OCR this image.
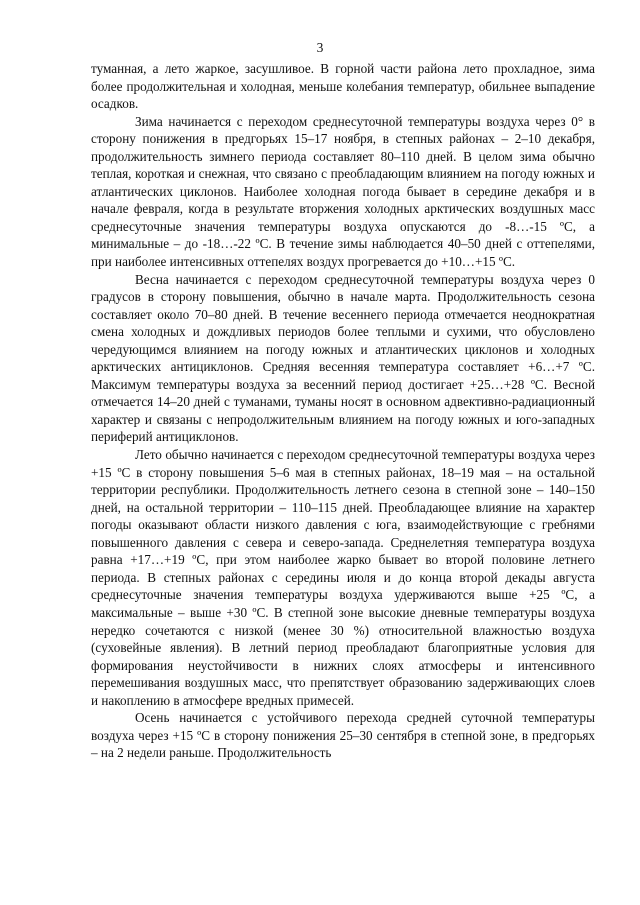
3

туманная, а лето жаркое, засушливое. В горной части района лето прохладное, зима более продолжительная и холодная, меньше колебания температур, обильнее выпадение осадков.

Зима начинается с переходом среднесуточной температуры воздуха через 0° в сторону понижения в предгорьях 15–17 ноября, в степных районах – 2–10 декабря, продолжительность зимнего периода составляет 80–110 дней. В целом зима обычно теплая, короткая и снежная, что связано с преобладающим влиянием на погоду южных и атлантических циклонов. Наиболее холодная погода бывает в середине декабря и в начале февраля, когда в результате вторжения холодных арктических воздушных масс среднесуточные значения температуры воздуха опускаются до -8…-15 ºС, а минимальные – до -18…-22 ºС. В течение зимы наблюдается 40–50 дней с оттепелями, при наиболее интенсивных оттепелях воздух прогревается до +10…+15 ºС.

Весна начинается с переходом среднесуточной температуры воздуха через 0 градусов в сторону повышения, обычно в начале марта. Продолжительность сезона составляет около 70–80 дней. В течение весеннего периода отмечается неоднократная смена холодных и дождливых периодов более теплыми и сухими, что обусловлено чередующимся влиянием на погоду южных и атлантических циклонов и холодных арктических антициклонов. Средняя весенняя температура составляет +6…+7 ºС. Максимум температуры воздуха за весенний период достигает +25…+28 ºС. Весной отмечается 14–20 дней с туманами, туманы носят в основном адвективно-радиационный характер и связаны с непродолжительным влиянием на погоду южных и юго-западных периферий антициклонов.

Лето обычно начинается с переходом среднесуточной температуры воздуха через +15 ºС в сторону повышения 5–6 мая в степных районах, 18–19 мая – на остальной территории республики. Продолжительность летнего сезона в степной зоне – 140–150 дней, на остальной территории – 110–115 дней. Преобладающее влияние на характер погоды оказывают области низкого давления с юга, взаимодействующие с гребнями повышенного давления с севера и северо-запада. Среднелетняя температура воздуха равна +17…+19 ºС, при этом наиболее жарко бывает во второй половине летнего периода. В степных районах с середины июля и до конца второй декады августа среднесуточные значения температуры воздуха удерживаются выше +25 ºС, а максимальные – выше +30 ºС. В степной зоне высокие дневные температуры воздуха нередко сочетаются с низкой (менее 30 %) относительной влажностью воздуха (суховейные явления). В летний период преобладают благоприятные условия для формирования неустойчивости в нижних слоях атмосферы и интенсивного перемешивания воздушных масс, что препятствует образованию задерживающих слоев и накоплению в атмосфере вредных примесей.

Осень начинается с устойчивого перехода средней суточной температуры воздуха через +15 ºС в сторону понижения 25–30 сентября в степной зоне, в предгорьях – на 2 недели раньше. Продолжительность
